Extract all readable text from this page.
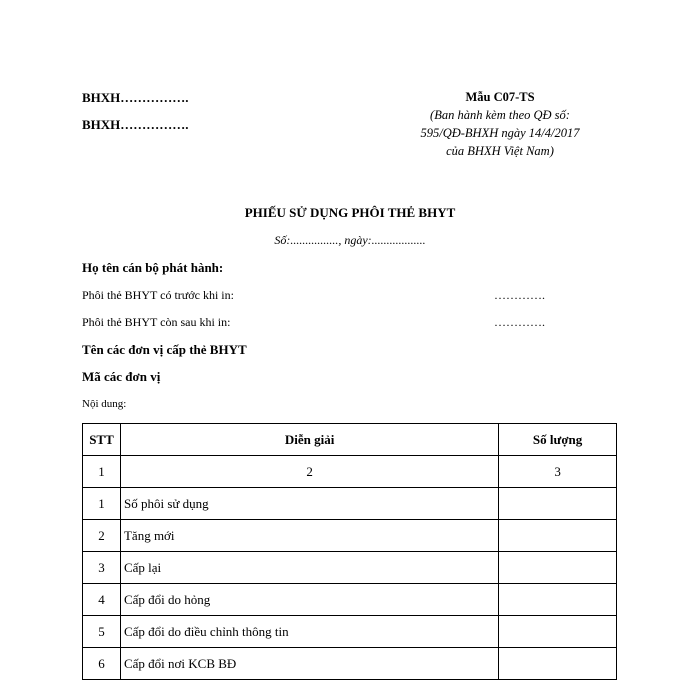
BHXH…………….
BHXH…………….
Mẫu C07-TS
(Ban hành kèm theo QĐ số:
595/QĐ-BHXH ngày 14/4/2017
của BHXH Việt Nam)
PHIẾU SỬ DỤNG PHÔI THẺ BHYT
Số:................, ngày:..................
Họ tên cán bộ phát hành:
Phôi thẻ BHYT có trước khi in:	………….
Phôi thẻ BHYT còn sau khi in:	………….
Tên các đơn vị cấp thẻ BHYT
Mã các đơn vị
Nội dung:
STT	Diễn giải	Số lượng
1	2	3
1	Số phôi sử dụng	
2	Tăng mới	
3	Cấp lại	
4	Cấp đổi do hỏng	
5	Cấp đổi do điều chỉnh thông tin	
6	Cấp đổi nơi KCB BĐ	
